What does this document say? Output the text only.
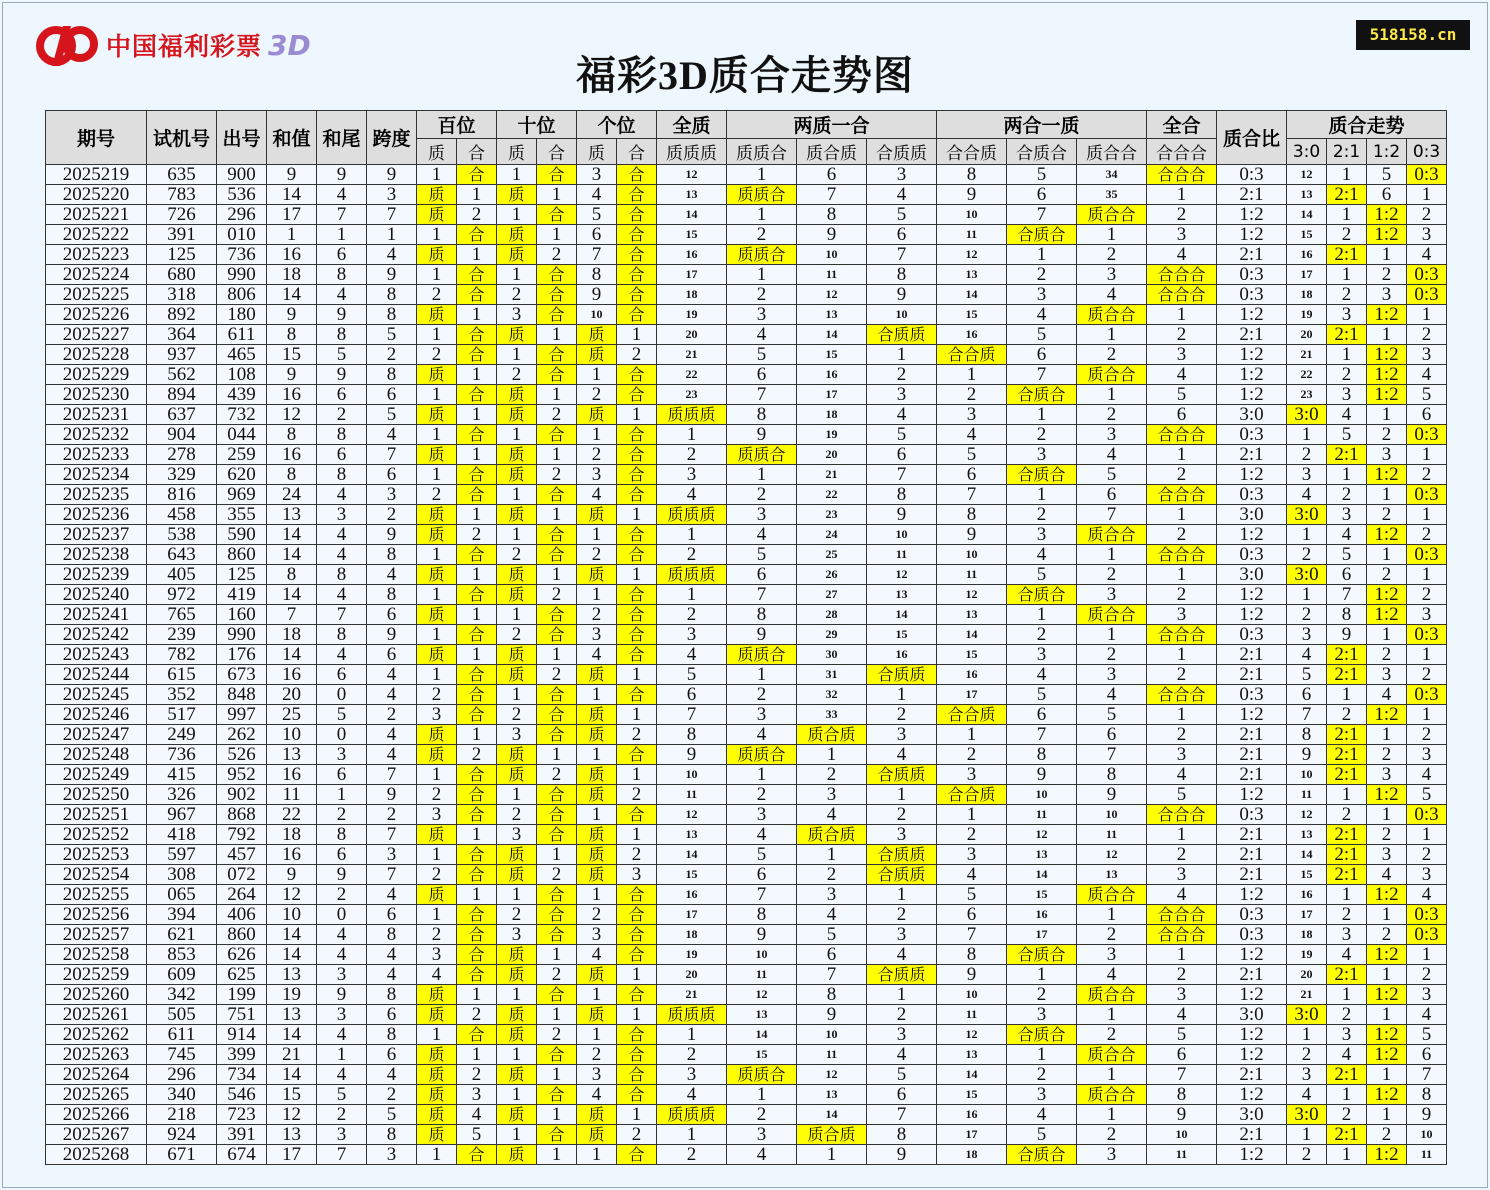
中国福利彩票 3D
福彩3D质合走势图
518158.cn
期号	试机号	出号	和值	和尾	跨度	百位		十位		个位		全质	两质一合			两合一质			全合	质合比	质合走势			
						质	合	质	合	质	合	质质质	质质合	质合质	合质质	合合质	合质合	质合合	合合合		3:0	2:1	1:2	0:3
2025219	635	900	9	9	9	1	合	1	合	3	合	12	1	6	3	8	5	34	合合合	0:3	12	1	5	0:3
2025220	783	536	14	4	3	质	1	质	1	4	合	13	质质合	7	4	9	6	35	1	2:1	13	2:1	6	1
2025221	726	296	17	7	7	质	2	1	合	5	合	14	1	8	5	10	7	质合合	2	1:2	14	1	1:2	2
2025222	391	010	1	1	1	1	合	质	1	6	合	15	2	9	6	11	合质合	1	3	1:2	15	2	1:2	3
2025223	125	736	16	6	4	质	1	质	2	7	合	16	质质合	10	7	12	1	2	4	2:1	16	2:1	1	4
2025224	680	990	18	8	9	1	合	1	合	8	合	17	1	11	8	13	2	3	合合合	0:3	17	1	2	0:3
2025225	318	806	14	4	8	2	合	2	合	9	合	18	2	12	9	14	3	4	合合合	0:3	18	2	3	0:3
2025226	892	180	9	9	8	质	1	3	合	10	合	19	3	13	10	15	4	质合合	1	1:2	19	3	1:2	1
2025227	364	611	8	8	5	1	合	质	1	质	1	20	4	14	合质质	16	5	1	2	2:1	20	2:1	1	2
2025228	937	465	15	5	2	2	合	1	合	质	2	21	5	15	1	合合质	6	2	3	1:2	21	1	1:2	3
2025229	562	108	9	9	8	质	1	2	合	1	合	22	6	16	2	1	7	质合合	4	1:2	22	2	1:2	4
2025230	894	439	16	6	6	1	合	质	1	2	合	23	7	17	3	2	合质合	1	5	1:2	23	3	1:2	5
2025231	637	732	12	2	5	质	1	质	2	质	1	质质质	8	18	4	3	1	2	6	3:0	3:0	4	1	6
2025232	904	044	8	8	4	1	合	1	合	1	合	1	9	19	5	4	2	3	合合合	0:3	1	5	2	0:3
2025233	278	259	16	6	7	质	1	质	1	2	合	2	质质合	20	6	5	3	4	1	2:1	2	2:1	3	1
2025234	329	620	8	8	6	1	合	质	2	3	合	3	1	21	7	6	合质合	5	2	1:2	3	1	1:2	2
2025235	816	969	24	4	3	2	合	1	合	4	合	4	2	22	8	7	1	6	合合合	0:3	4	2	1	0:3
2025236	458	355	13	3	2	质	1	质	1	质	1	质质质	3	23	9	8	2	7	1	3:0	3:0	3	2	1
2025237	538	590	14	4	9	质	2	1	合	1	合	1	4	24	10	9	3	质合合	2	1:2	1	4	1:2	2
2025238	643	860	14	4	8	1	合	2	合	2	合	2	5	25	11	10	4	1	合合合	0:3	2	5	1	0:3
2025239	405	125	8	8	4	质	1	质	1	质	1	质质质	6	26	12	11	5	2	1	3:0	3:0	6	2	1
2025240	972	419	14	4	8	1	合	质	2	1	合	1	7	27	13	12	合质合	3	2	1:2	1	7	1:2	2
2025241	765	160	7	7	6	质	1	1	合	2	合	2	8	28	14	13	1	质合合	3	1:2	2	8	1:2	3
2025242	239	990	18	8	9	1	合	2	合	3	合	3	9	29	15	14	2	1	合合合	0:3	3	9	1	0:3
2025243	782	176	14	4	6	质	1	质	1	4	合	4	质质合	30	16	15	3	2	1	2:1	4	2:1	2	1
2025244	615	673	16	6	4	1	合	质	2	质	1	5	1	31	合质质	16	4	3	2	2:1	5	2:1	3	2
2025245	352	848	20	0	4	2	合	1	合	1	合	6	2	32	1	17	5	4	合合合	0:3	6	1	4	0:3
2025246	517	997	25	5	2	3	合	2	合	质	1	7	3	33	2	合合质	6	5	1	1:2	7	2	1:2	1
2025247	249	262	10	0	4	质	1	3	合	质	2	8	4	质合质	3	1	7	6	2	2:1	8	2:1	1	2
2025248	736	526	13	3	4	质	2	质	1	1	合	9	质质合	1	4	2	8	7	3	2:1	9	2:1	2	3
2025249	415	952	16	6	7	1	合	质	2	质	1	10	1	2	合质质	3	9	8	4	2:1	10	2:1	3	4
2025250	326	902	11	1	9	2	合	1	合	质	2	11	2	3	1	合合质	10	9	5	1:2	11	1	1:2	5
2025251	967	868	22	2	2	3	合	2	合	1	合	12	3	4	2	1	11	10	合合合	0:3	12	2	1	0:3
2025252	418	792	18	8	7	质	1	3	合	质	1	13	4	质合质	3	2	12	11	1	2:1	13	2:1	2	1
2025253	597	457	16	6	3	1	合	质	1	质	2	14	5	1	合质质	3	13	12	2	2:1	14	2:1	3	2
2025254	308	072	9	9	7	2	合	质	2	质	3	15	6	2	合质质	4	14	13	3	2:1	15	2:1	4	3
2025255	065	264	12	2	4	质	1	1	合	1	合	16	7	3	1	5	15	质合合	4	1:2	16	1	1:2	4
2025256	394	406	10	0	6	1	合	2	合	2	合	17	8	4	2	6	16	1	合合合	0:3	17	2	1	0:3
2025257	621	860	14	4	8	2	合	3	合	3	合	18	9	5	3	7	17	2	合合合	0:3	18	3	2	0:3
2025258	853	626	14	4	4	3	合	质	1	4	合	19	10	6	4	8	合质合	3	1	1:2	19	4	1:2	1
2025259	609	625	13	3	4	4	合	质	2	质	1	20	11	7	合质质	9	1	4	2	2:1	20	2:1	1	2
2025260	342	199	19	9	8	质	1	1	合	1	合	21	12	8	1	10	2	质合合	3	1:2	21	1	1:2	3
2025261	505	751	13	3	6	质	2	质	1	质	1	质质质	13	9	2	11	3	1	4	3:0	3:0	2	1	4
2025262	611	914	14	4	8	1	合	质	2	1	合	1	14	10	3	12	合质合	2	5	1:2	1	3	1:2	5
2025263	745	399	21	1	6	质	1	1	合	2	合	2	15	11	4	13	1	质合合	6	1:2	2	4	1:2	6
2025264	296	734	14	4	4	质	2	质	1	3	合	3	质质合	12	5	14	2	1	7	2:1	3	2:1	1	7
2025265	340	546	15	5	2	质	3	1	合	4	合	4	1	13	6	15	3	质合合	8	1:2	4	1	1:2	8
2025266	218	723	12	2	5	质	4	质	1	质	1	质质质	2	14	7	16	4	1	9	3:0	3:0	2	1	9
2025267	924	391	13	3	8	质	5	1	合	质	2	1	3	质合质	8	17	5	2	10	2:1	1	2:1	2	10
2025268	671	674	17	7	3	1	合	质	1	1	合	2	4	1	9	18	合质合	3	11	1:2	2	1	1:2	11
